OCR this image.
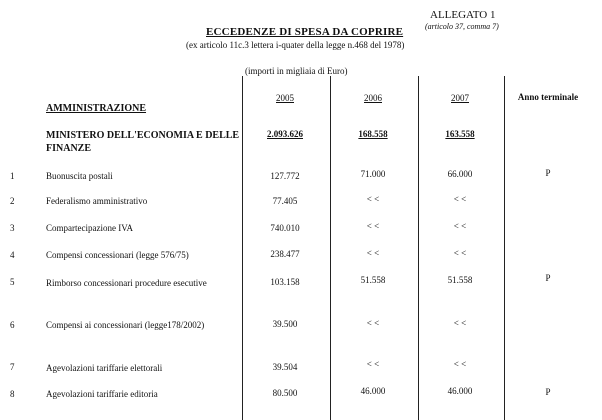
ALLEGATO 1
(articolo 37, comma 7)
ECCEDENZE DI SPESA DA COPRIRE
(ex articolo 11c.3 lettera i-quater della legge n.468 del 1978)
(importi in migliaia di Euro)
2005	2006	2007	Anno terminale
AMMINISTRAZIONE
MINISTERO DELL'ECONOMIA E DELLE FINANZE
2.093.626	168.558	163.558
1	Buonuscita postali	127.772	71.000	66.000	P
2	Federalismo amministrativo	77.405	< <	< <
3	Compartecipazione IVA	740.010	< <	< <
4	Compensi concessionari (legge 576/75)	238.477	< <	< <
5	Rimborso concessionari procedure esecutive	103.158	51.558	51.558	P
6	Compensi ai concessionari (legge178/2002)	39.500	< <	< <
7	Agevolazioni tariffarie elettorali	39.504	< <	< <
8	Agevolazioni tariffarie editoria	80.500	46.000	46.000	P
